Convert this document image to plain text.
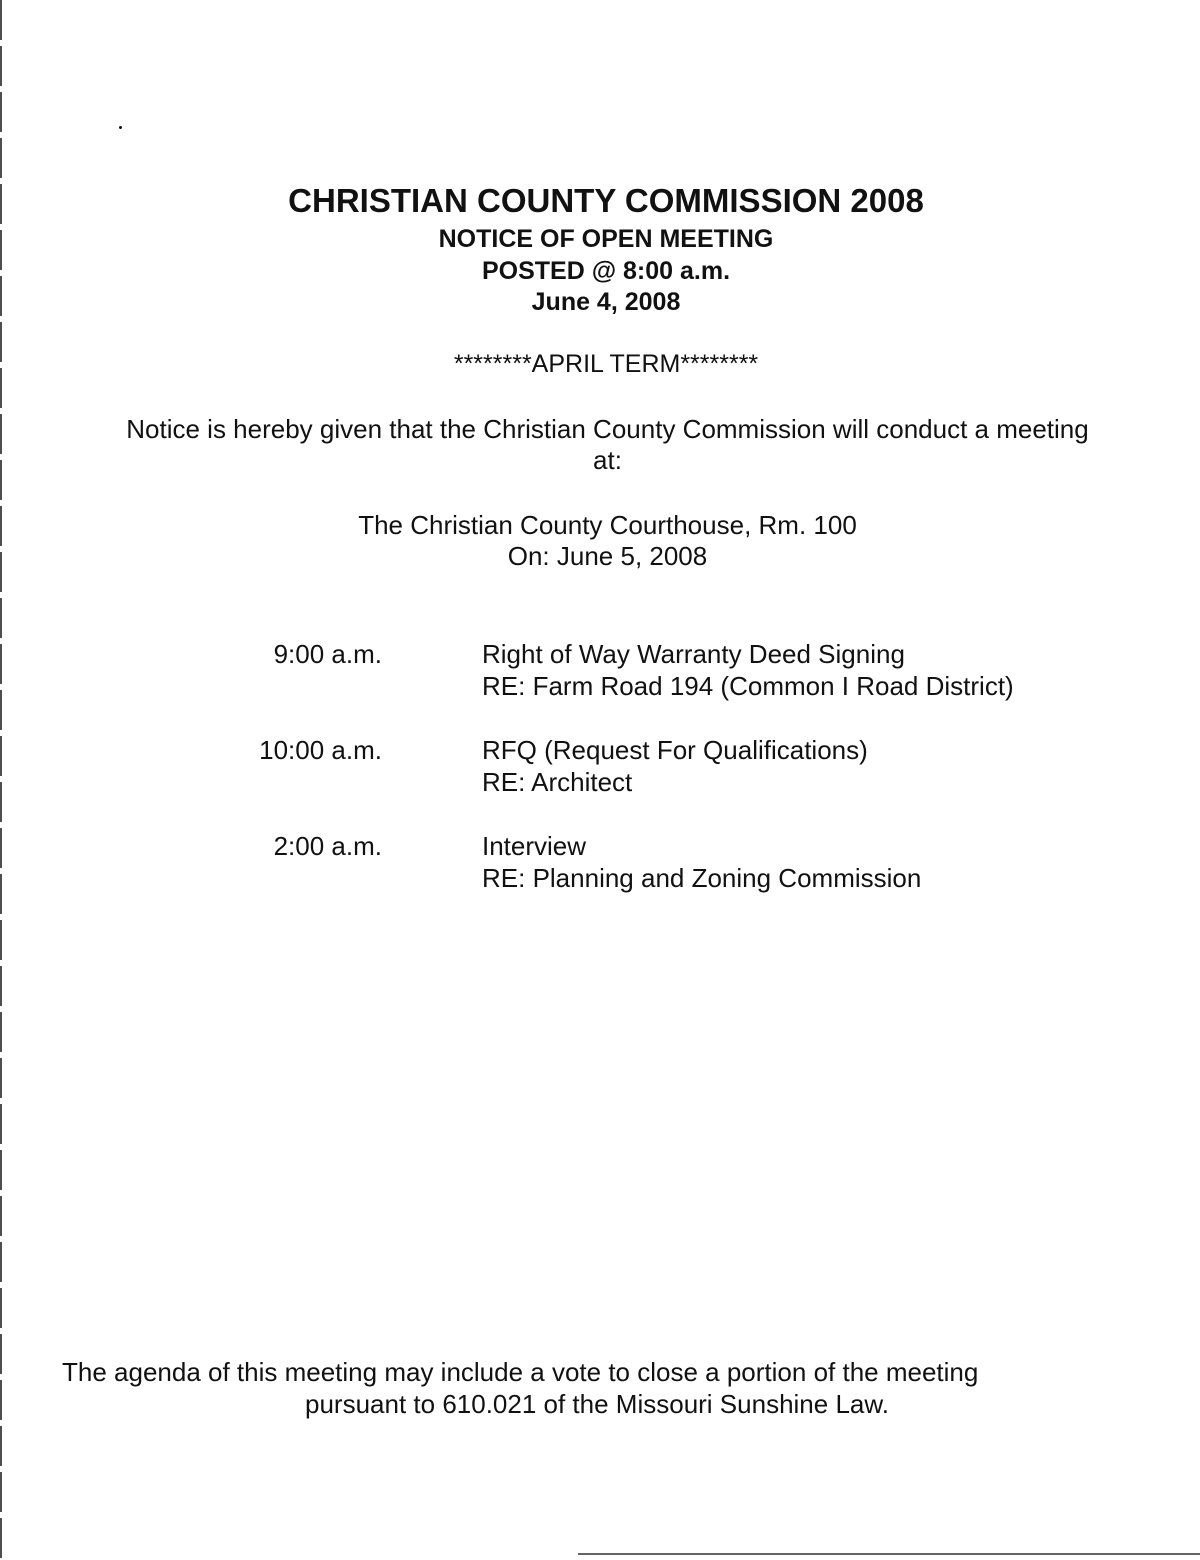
CHRISTIAN COUNTY COMMISSION 2008
NOTICE OF OPEN MEETING
POSTED @ 8:00 a.m.
June 4, 2008
********APRIL TERM********
Notice is hereby given that the Christian County Commission will conduct a meeting at:
The Christian County Courthouse, Rm. 100
On: June 5, 2008
9:00 a.m.	Right of Way Warranty Deed Signing
RE: Farm Road 194 (Common I Road District)
10:00 a.m.	RFQ (Request For Qualifications)
RE: Architect
2:00 a.m.	Interview
RE: Planning and Zoning Commission
The agenda of this meeting may include a vote to close a portion of the meeting
pursuant to 610.021 of the Missouri Sunshine Law.
